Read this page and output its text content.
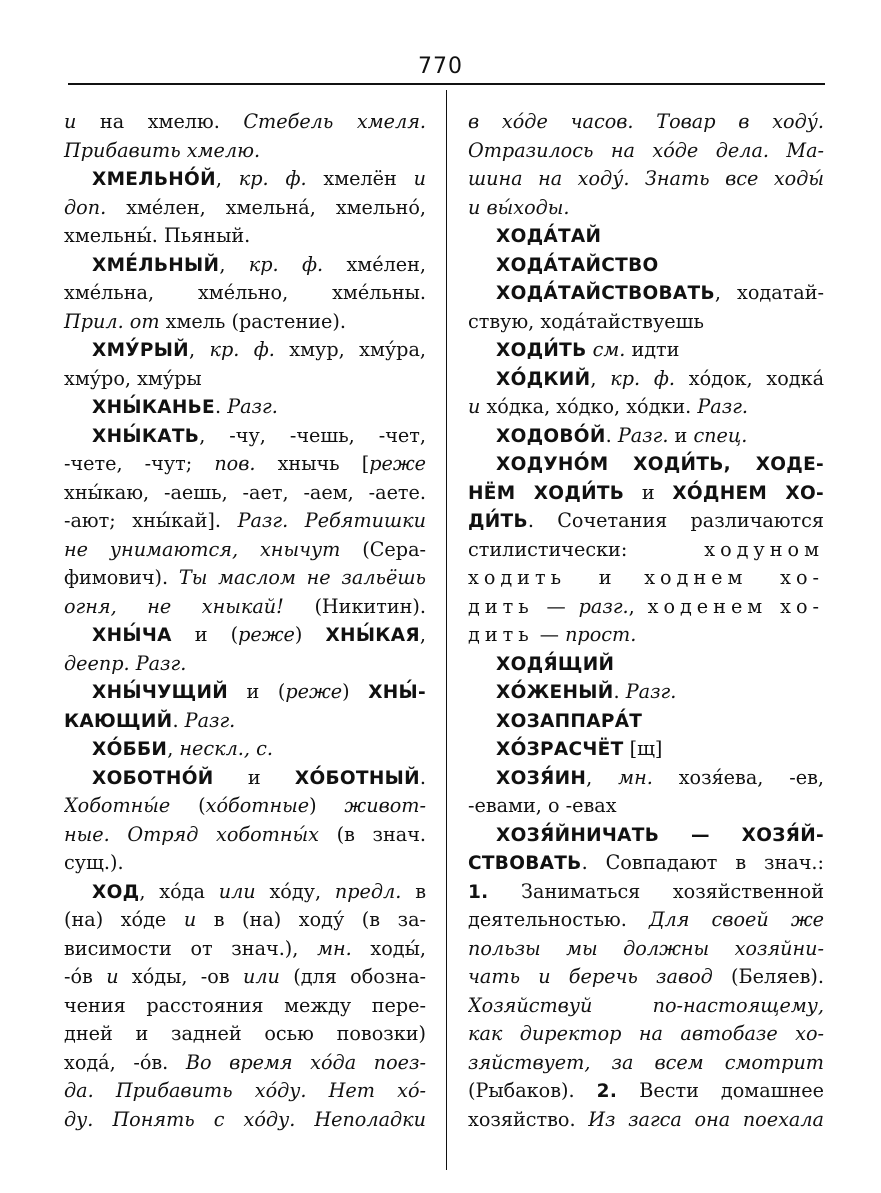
770
и на хмелю. Стебель хмеля.
Прибавить хмелю.
ХМЕЛЬНО́Й, кр. ф. хмелён и
доп. хме́лен, хмельна́, хмельно́,
хмельны́. Пьяный.
ХМЕ́ЛЬНЫЙ, кр. ф. хме́лен,
хме́льна, хме́льно, хме́льны.
Прил. от хмель (растение).
ХМУ́РЫЙ, кр. ф. хмур, хму́ра,
хму́ро, хму́ры
ХНЫ́КАНЬЕ. Разг.
ХНЫ́КАТЬ, -чу, -чешь, -чет,
-чете, -чут; пов. хнычь [реже
хны́каю, -аешь, -ает, -аем, -аете.
-ают; хны́кай]. Разг. Ребятишки
не унимаются, хнычут (Сера-
фимович). Ты маслом не зальёшь
огня, не хныкай! (Никитин).
ХНЫ́ЧА и (реже) ХНЫ́КАЯ,
деепр. Разг.
ХНЫ́ЧУЩИЙ и (реже) ХНЫ́-
КАЮЩИЙ. Разг.
ХО́ББИ, нескл., с.
ХОБОТНО́Й и ХО́БОТНЫЙ.
Хоботны́е (хо́ботные) живот-
ные. Отряд хоботны́х (в знач.
сущ.).
ХОД, хо́да или хо́ду, предл. в
(на) хо́де и в (на) ходу́ (в за-
висимости от знач.), мн. ходы́,
-о́в и хо́ды, -ов или (для обозна-
чения расстояния между пере-
дней и задней осью повозки)
хода́, -о́в. Во время хо́да поез-
да. Прибавить хо́ду. Нет хо́-
ду. Понять с хо́ду. Неполадки
в хо́де часов. Товар в ходу́.
Отразилось на хо́де дела. Ма-
шина на ходу́. Знать все ходы́
и вы́ходы.
ХОДА́ТАЙ
ХОДА́ТАЙСТВО
ХОДА́ТАЙСТВОВАТЬ, ходатай-
ствую, хода́тайствуешь
ХОДИ́ТЬ см. идти
ХО́ДКИЙ, кр. ф. хо́док, ходка́
и хо́дка, хо́дко, хо́дки. Разг.
ХОДОВО́Й. Разг. и спец.
ХОДУНО́М ХОДИ́ТЬ, ХОДЕ-
НЁМ ХОДИ́ТЬ и ХО́ДНЕМ ХО-
ДИ́ТЬ. Сочетания различаются
стилистически: ходуном
ходить и ходнем хо-
дить — разг., ходенем хо-
дить — прост.
ХОДЯ́ЩИЙ
ХО́ЖЕНЫЙ. Разг.
ХОЗАППАРА́Т
ХО́ЗРАСЧЁТ [щ]
ХОЗЯ́ИН, мн. хозя́ева, -ев,
-евами, о -евах
ХОЗЯ́ЙНИЧАТЬ — ХОЗЯ́Й-
СТВОВАТЬ. Совпадают в знач.:
1. Заниматься хозяйственной
деятельностью. Для своей же
пользы мы должны хозяйни-
чать и беречь завод (Беляев).
Хозяйствуй по-настоящему,
как директор на автобазе хо-
зяйствует, за всем смотрит
(Рыбаков). 2. Вести домашнее
хозяйство. Из загса она поехала
